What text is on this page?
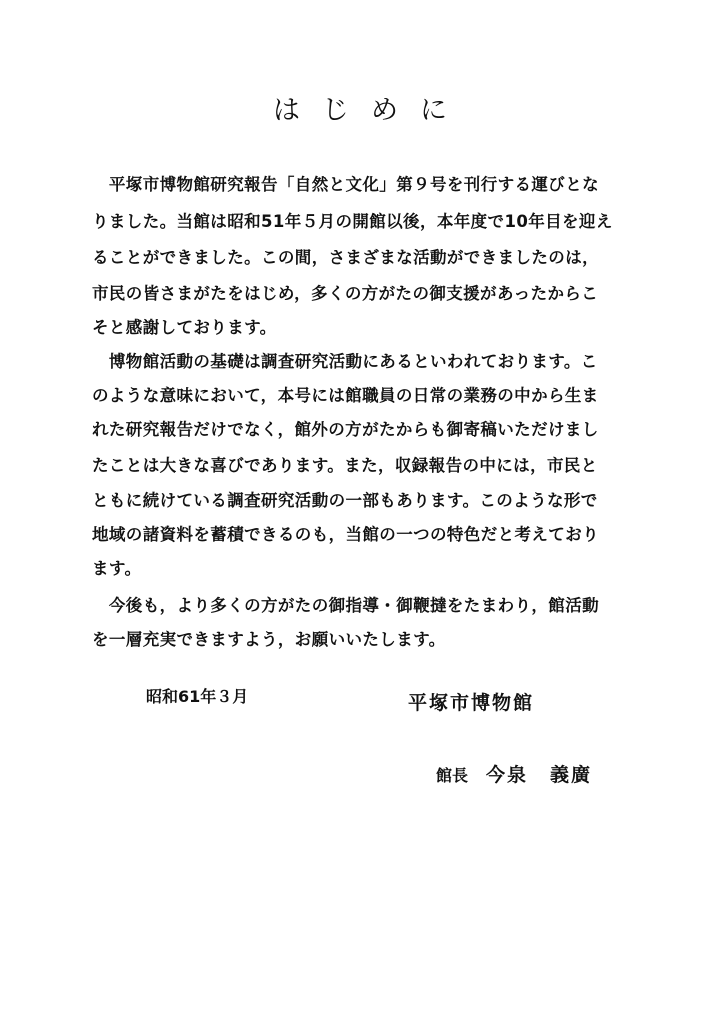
はじめに
　平塚市博物館研究報告「自然と文化」第９号を刊行する運びとな
りました。当館は昭和51年５月の開館以後，本年度で10年目を迎え
ることができました。この間，さまざまな活動ができましたのは，
市民の皆さまがたをはじめ，多くの方がたの御支援があったからこ
そと感謝しております。
　博物館活動の基礎は調査研究活動にあるといわれております。こ
のような意味において，本号には館職員の日常の業務の中から生ま
れた研究報告だけでなく，館外の方がたからも御寄稿いただけまし
たことは大きな喜びであります。また，収録報告の中には，市民と
ともに続けている調査研究活動の一部もあります。このような形で
地域の諸資料を蓄積できるのも，当館の一つの特色だと考えており
ます。
　今後も，より多くの方がたの御指導・御鞭撻をたまわり，館活動
を一層充実できますよう，お願いいたします。
昭和61年３月	平塚市博物館
館長 今泉 義廣
